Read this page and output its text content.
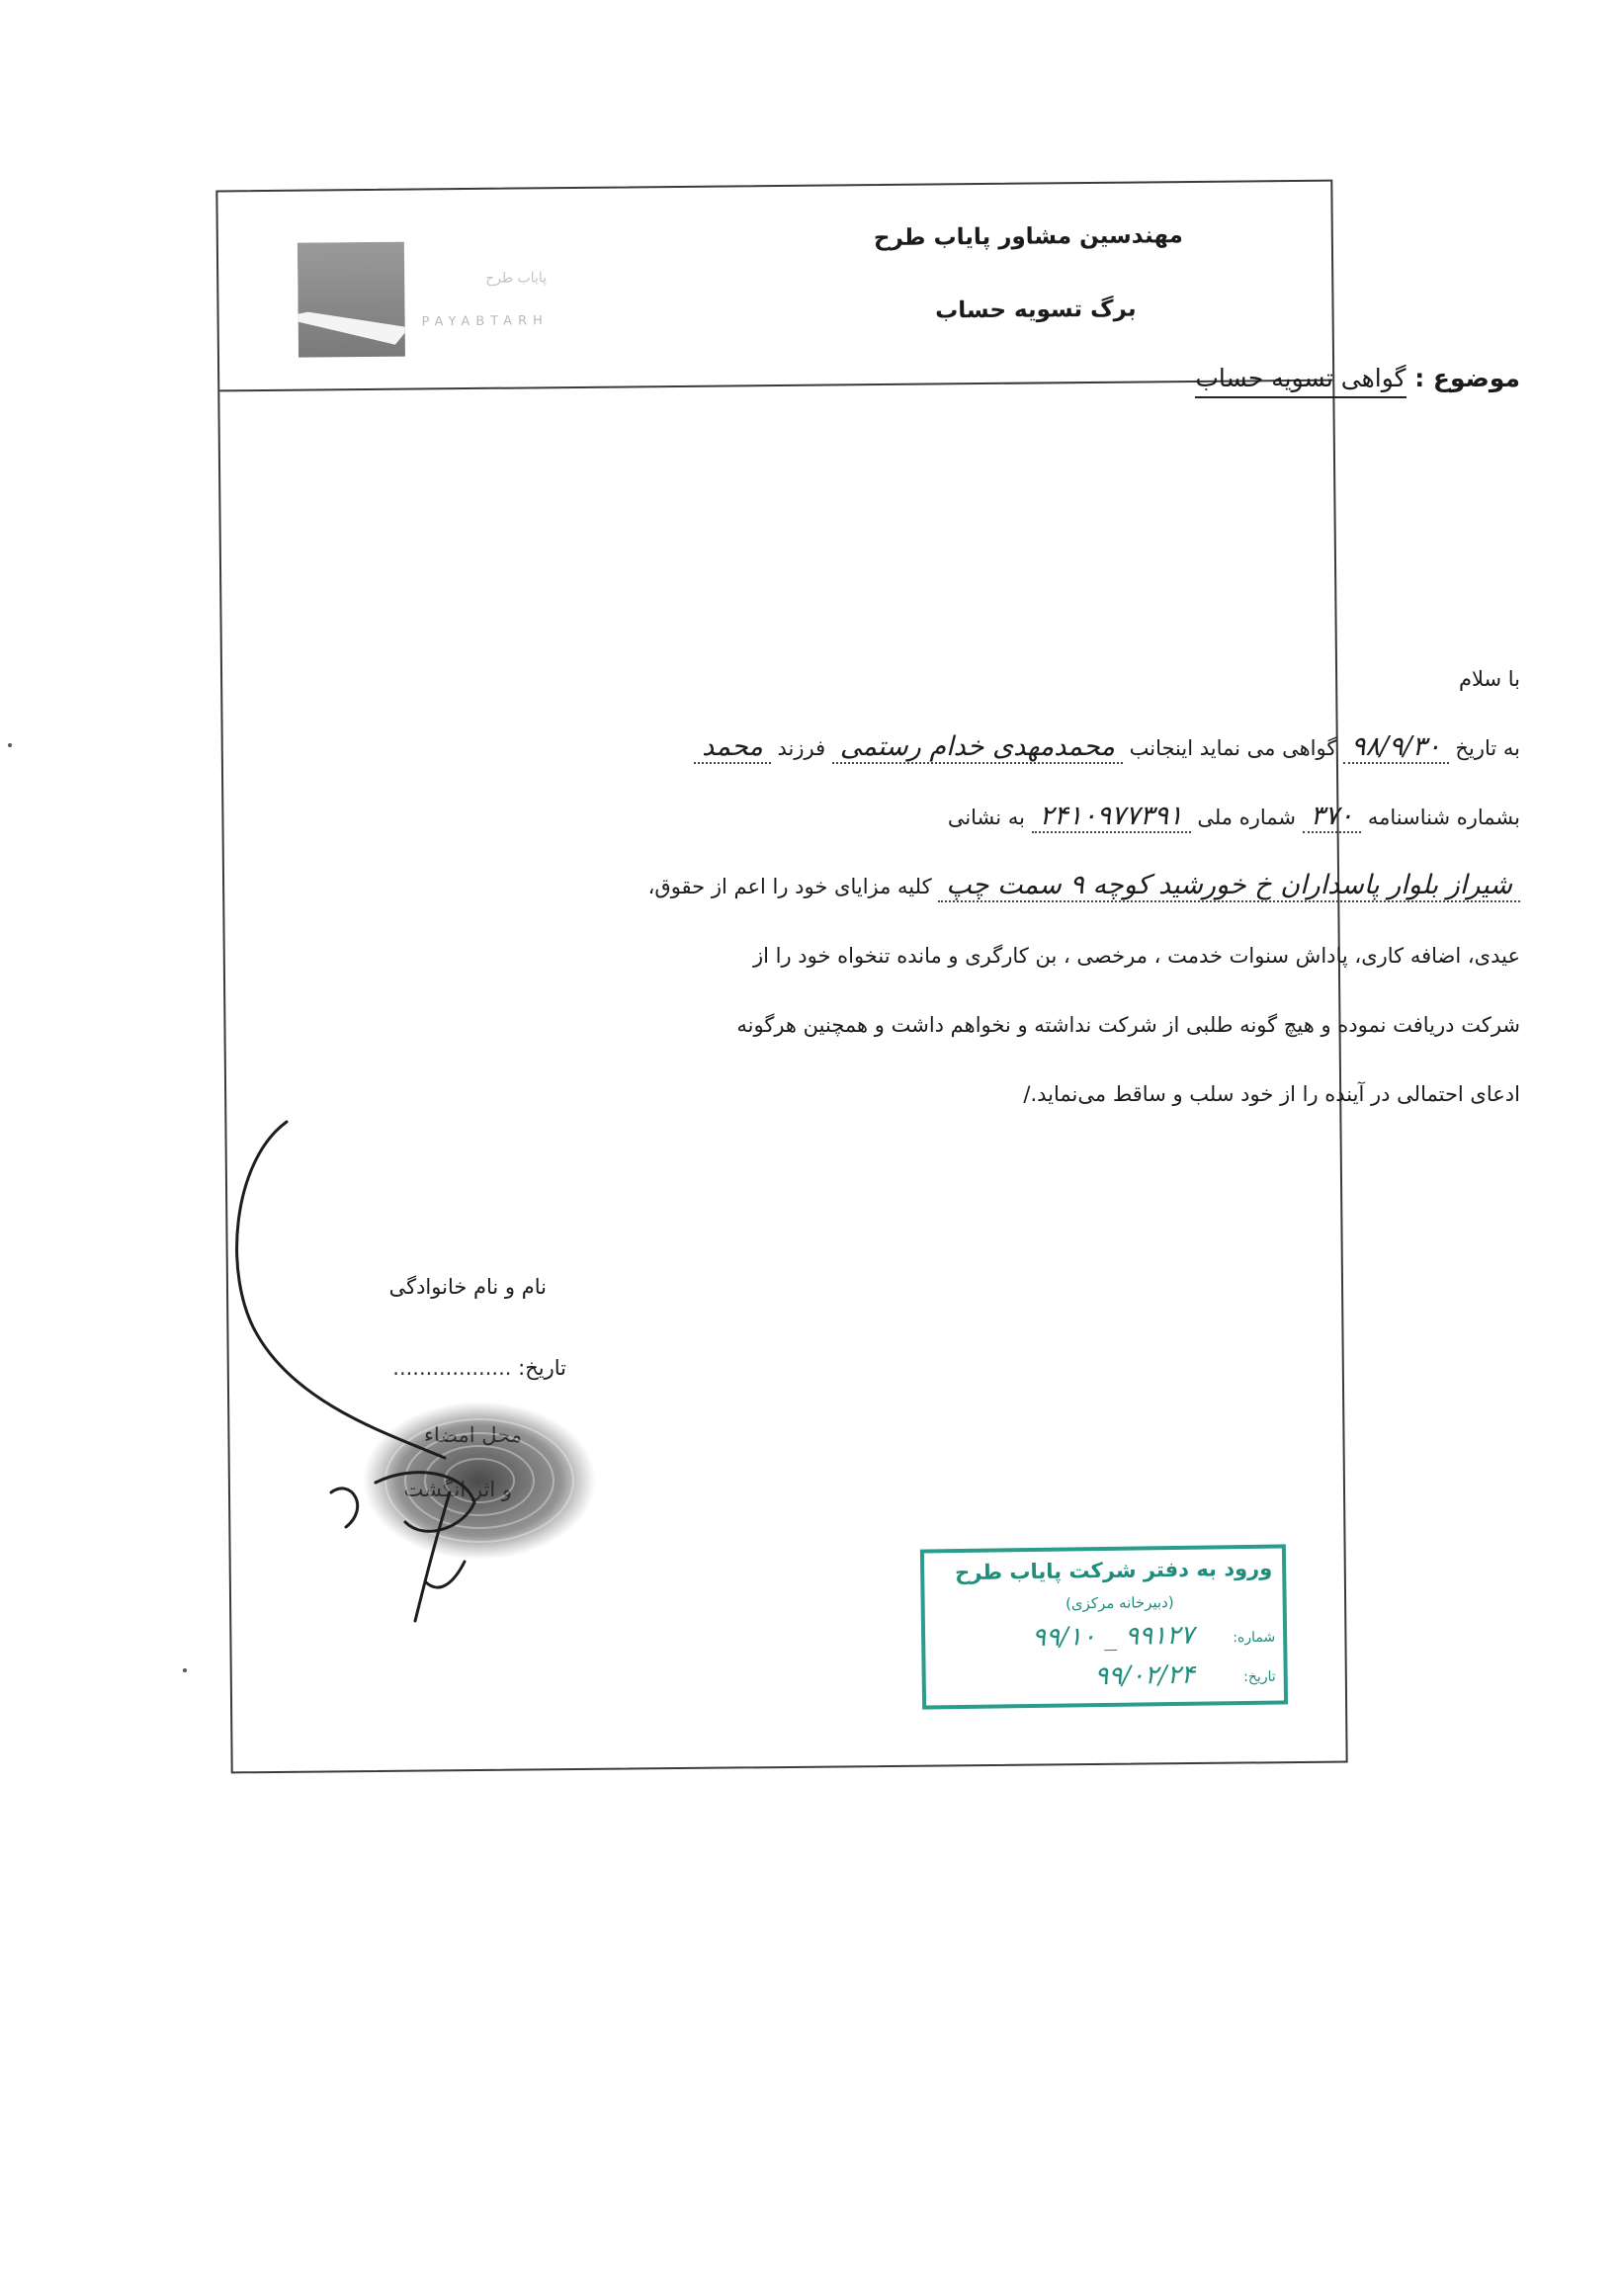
مهندسین مشاور پایاب طرح
برگ تسویه حساب
پایاب طرح
PAYABTARH
موضوع : گواهی تسویه حساب
با سلام
به تاریخ ۹۸/۹/۳۰ گواهی می نماید اینجانب محمدمهدی خدام رستمی فرزند محمد
بشماره شناسنامه ۳۷۰ شماره ملی ۲۴۱۰۹۷۷۳۹۱ به نشانی
شیراز بلوار پاسداران خ خورشید کوچه ۹ سمت چپ کلیه مزایای خود را اعم از حقوق،
عیدی، اضافه کاری، پاداش سنوات خدمت ، مرخصی ، بن کارگری و مانده تنخواه خود را از
شرکت دریافت نموده و هیچ گونه طلبی از شرکت نداشته و نخواهم داشت و همچنین هرگونه
ادعای احتمالی در آینده را از خود سلب و ساقط می‌نماید./
نام و نام خانوادگی
تاریخ: ..................
ورود به دفتر شرکت پایاب طرح
(دبیرخانه مرکزی)
شماره:
۹۹۱۲۷ _ ۹۹/۱۰
تاریخ:
۹۹/۰۲/۲۴
